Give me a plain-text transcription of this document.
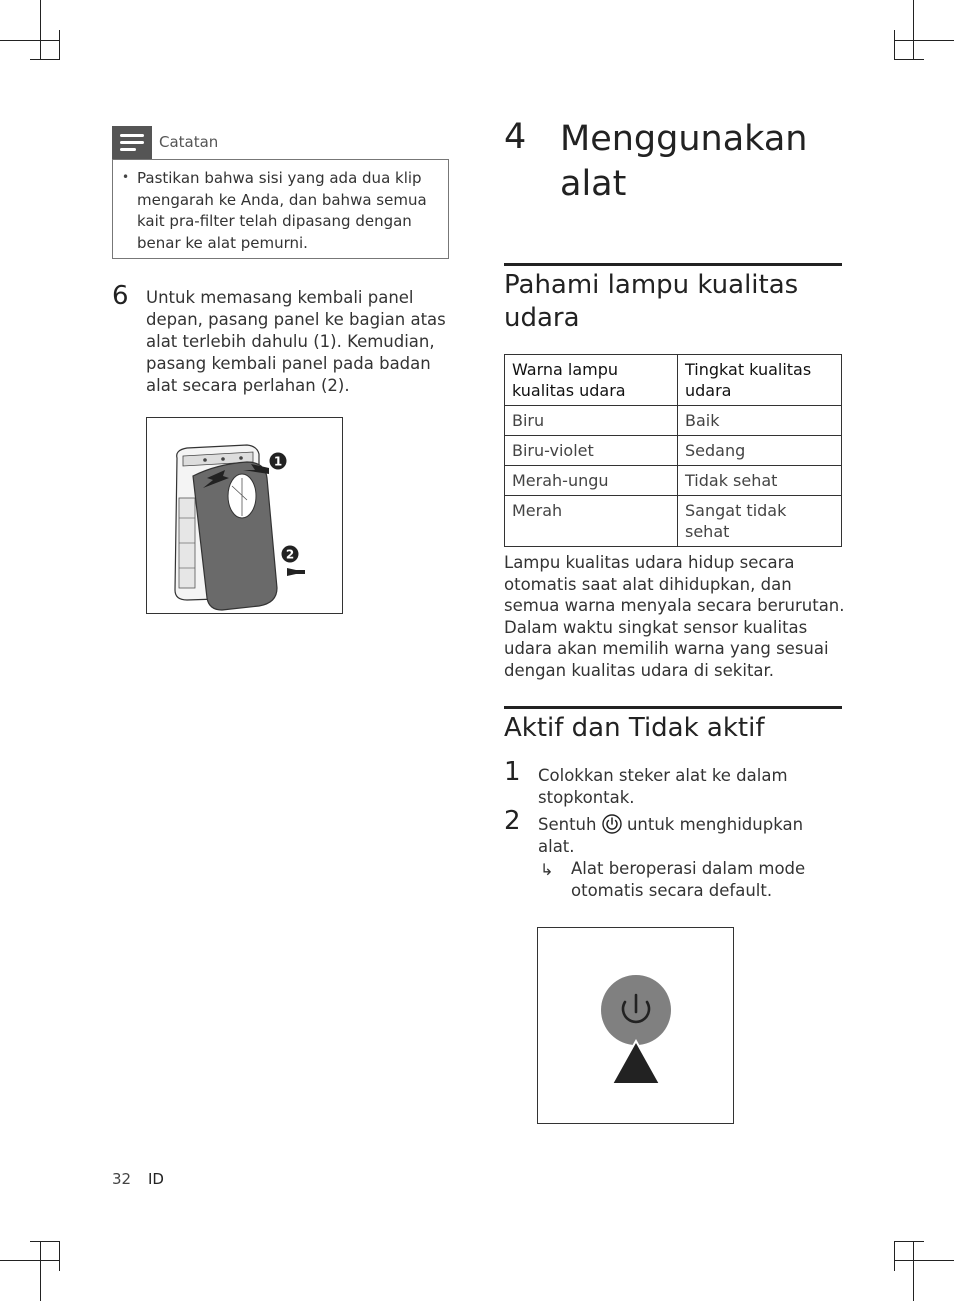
Catatan
• Pastikan bahwa sisi yang ada dua klip mengarah ke Anda, dan bahwa semua kait pra-filter telah dipasang dengan benar ke alat pemurni.
6 Untuk memasang kembali panel depan, pasang panel ke bagian atas alat terlebih dahulu (1). Kemudian, pasang kembali panel pada badan alat secara perlahan (2).
1
2
4 Menggunakan alat
Pahami lampu kualitas udara
Warna lampu kualitas udara	Tingkat kualitas udara
Biru	Baik
Biru-violet	Sedang
Merah-ungu	Tidak sehat
Merah	Sangat tidak sehat
Lampu kualitas udara hidup secara otomatis saat alat dihidupkan, dan semua warna menyala secara berurutan. Dalam waktu singkat sensor kualitas udara akan memilih warna yang sesuai dengan kualitas udara di sekitar.
Aktif dan Tidak aktif
1 Colokkan steker alat ke dalam stopkontak.
2 Sentuh untuk menghidupkan alat.
↳ Alat beroperasi dalam mode otomatis secara default.
32 ID
